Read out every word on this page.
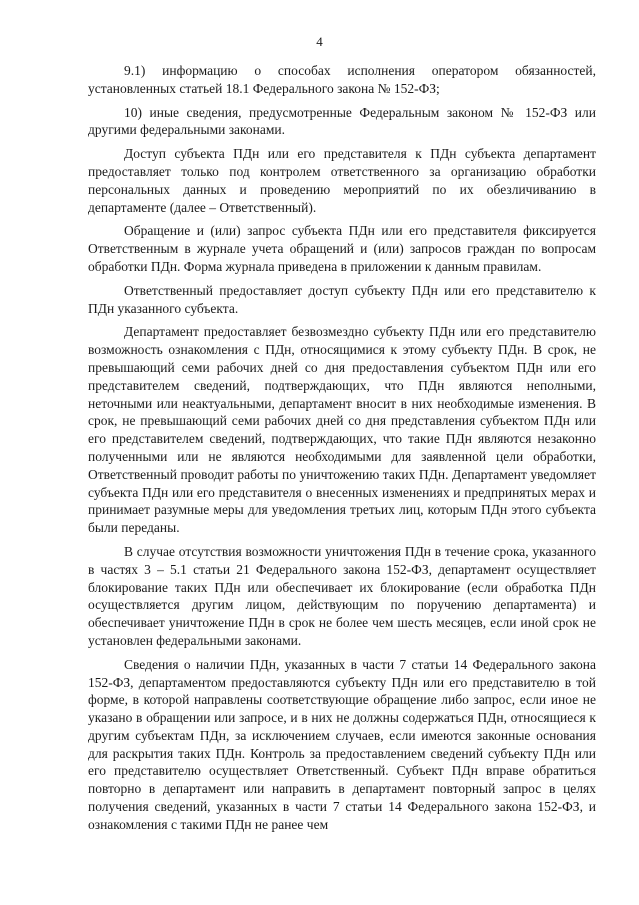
4

9.1) информацию о способах исполнения оператором обязанностей, установленных статьей 18.1 Федерального закона № 152-ФЗ;

10) иные сведения, предусмотренные Федеральным законом № 152-ФЗ или другими федеральными законами.

Доступ субъекта ПДн или его представителя к ПДн субъекта департамент предоставляет только под контролем ответственного за организацию обработки персональных данных и проведению мероприятий по их обезличиванию в департаменте (далее – Ответственный).

Обращение и (или) запрос субъекта ПДн или его представителя фиксируется Ответственным в журнале учета обращений и (или) запросов граждан по вопросам обработки ПДн. Форма журнала приведена в приложении к данным правилам.

Ответственный предоставляет доступ субъекту ПДн или его представителю к ПДн указанного субъекта.

Департамент предоставляет безвозмездно субъекту ПДн или его представителю возможность ознакомления с ПДн, относящимися к этому субъекту ПДн. В срок, не превышающий семи рабочих дней со дня предоставления субъектом ПДн или его представителем сведений, подтверждающих, что ПДн являются неполными, неточными или неактуальными, департамент вносит в них необходимые изменения. В срок, не превышающий семи рабочих дней со дня представления субъектом ПДн или его представителем сведений, подтверждающих, что такие ПДн являются незаконно полученными или не являются необходимыми для заявленной цели обработки, Ответственный проводит работы по уничтожению таких ПДн. Департамент уведомляет субъекта ПДн или его представителя о внесенных изменениях и предпринятых мерах и принимает разумные меры для уведомления третьих лиц, которым ПДн этого субъекта были переданы.

В случае отсутствия возможности уничтожения ПДн в течение срока, указанного в частях 3 – 5.1 статьи 21 Федерального закона 152-ФЗ, департамент осуществляет блокирование таких ПДн или обеспечивает их блокирование (если обработка ПДн осуществляется другим лицом, действующим по поручению департамента) и обеспечивает уничтожение ПДн в срок не более чем шесть месяцев, если иной срок не установлен федеральными законами.

Сведения о наличии ПДн, указанных в части 7 статьи 14 Федерального закона 152-ФЗ, департаментом предоставляются субъекту ПДн или его представителю в той форме, в которой направлены соответствующие обращение либо запрос, если иное не указано в обращении или запросе, и в них не должны содержаться ПДн, относящиеся к другим субъектам ПДн, за исключением случаев, если имеются законные основания для раскрытия таких ПДн. Контроль за предоставлением сведений субъекту ПДн или его представителю осуществляет Ответственный. Субъект ПДн вправе обратиться повторно в департамент или направить в департамент повторный запрос в целях получения сведений, указанных в части 7 статьи 14 Федерального закона 152-ФЗ, и ознакомления с такими ПДн не ранее чем
